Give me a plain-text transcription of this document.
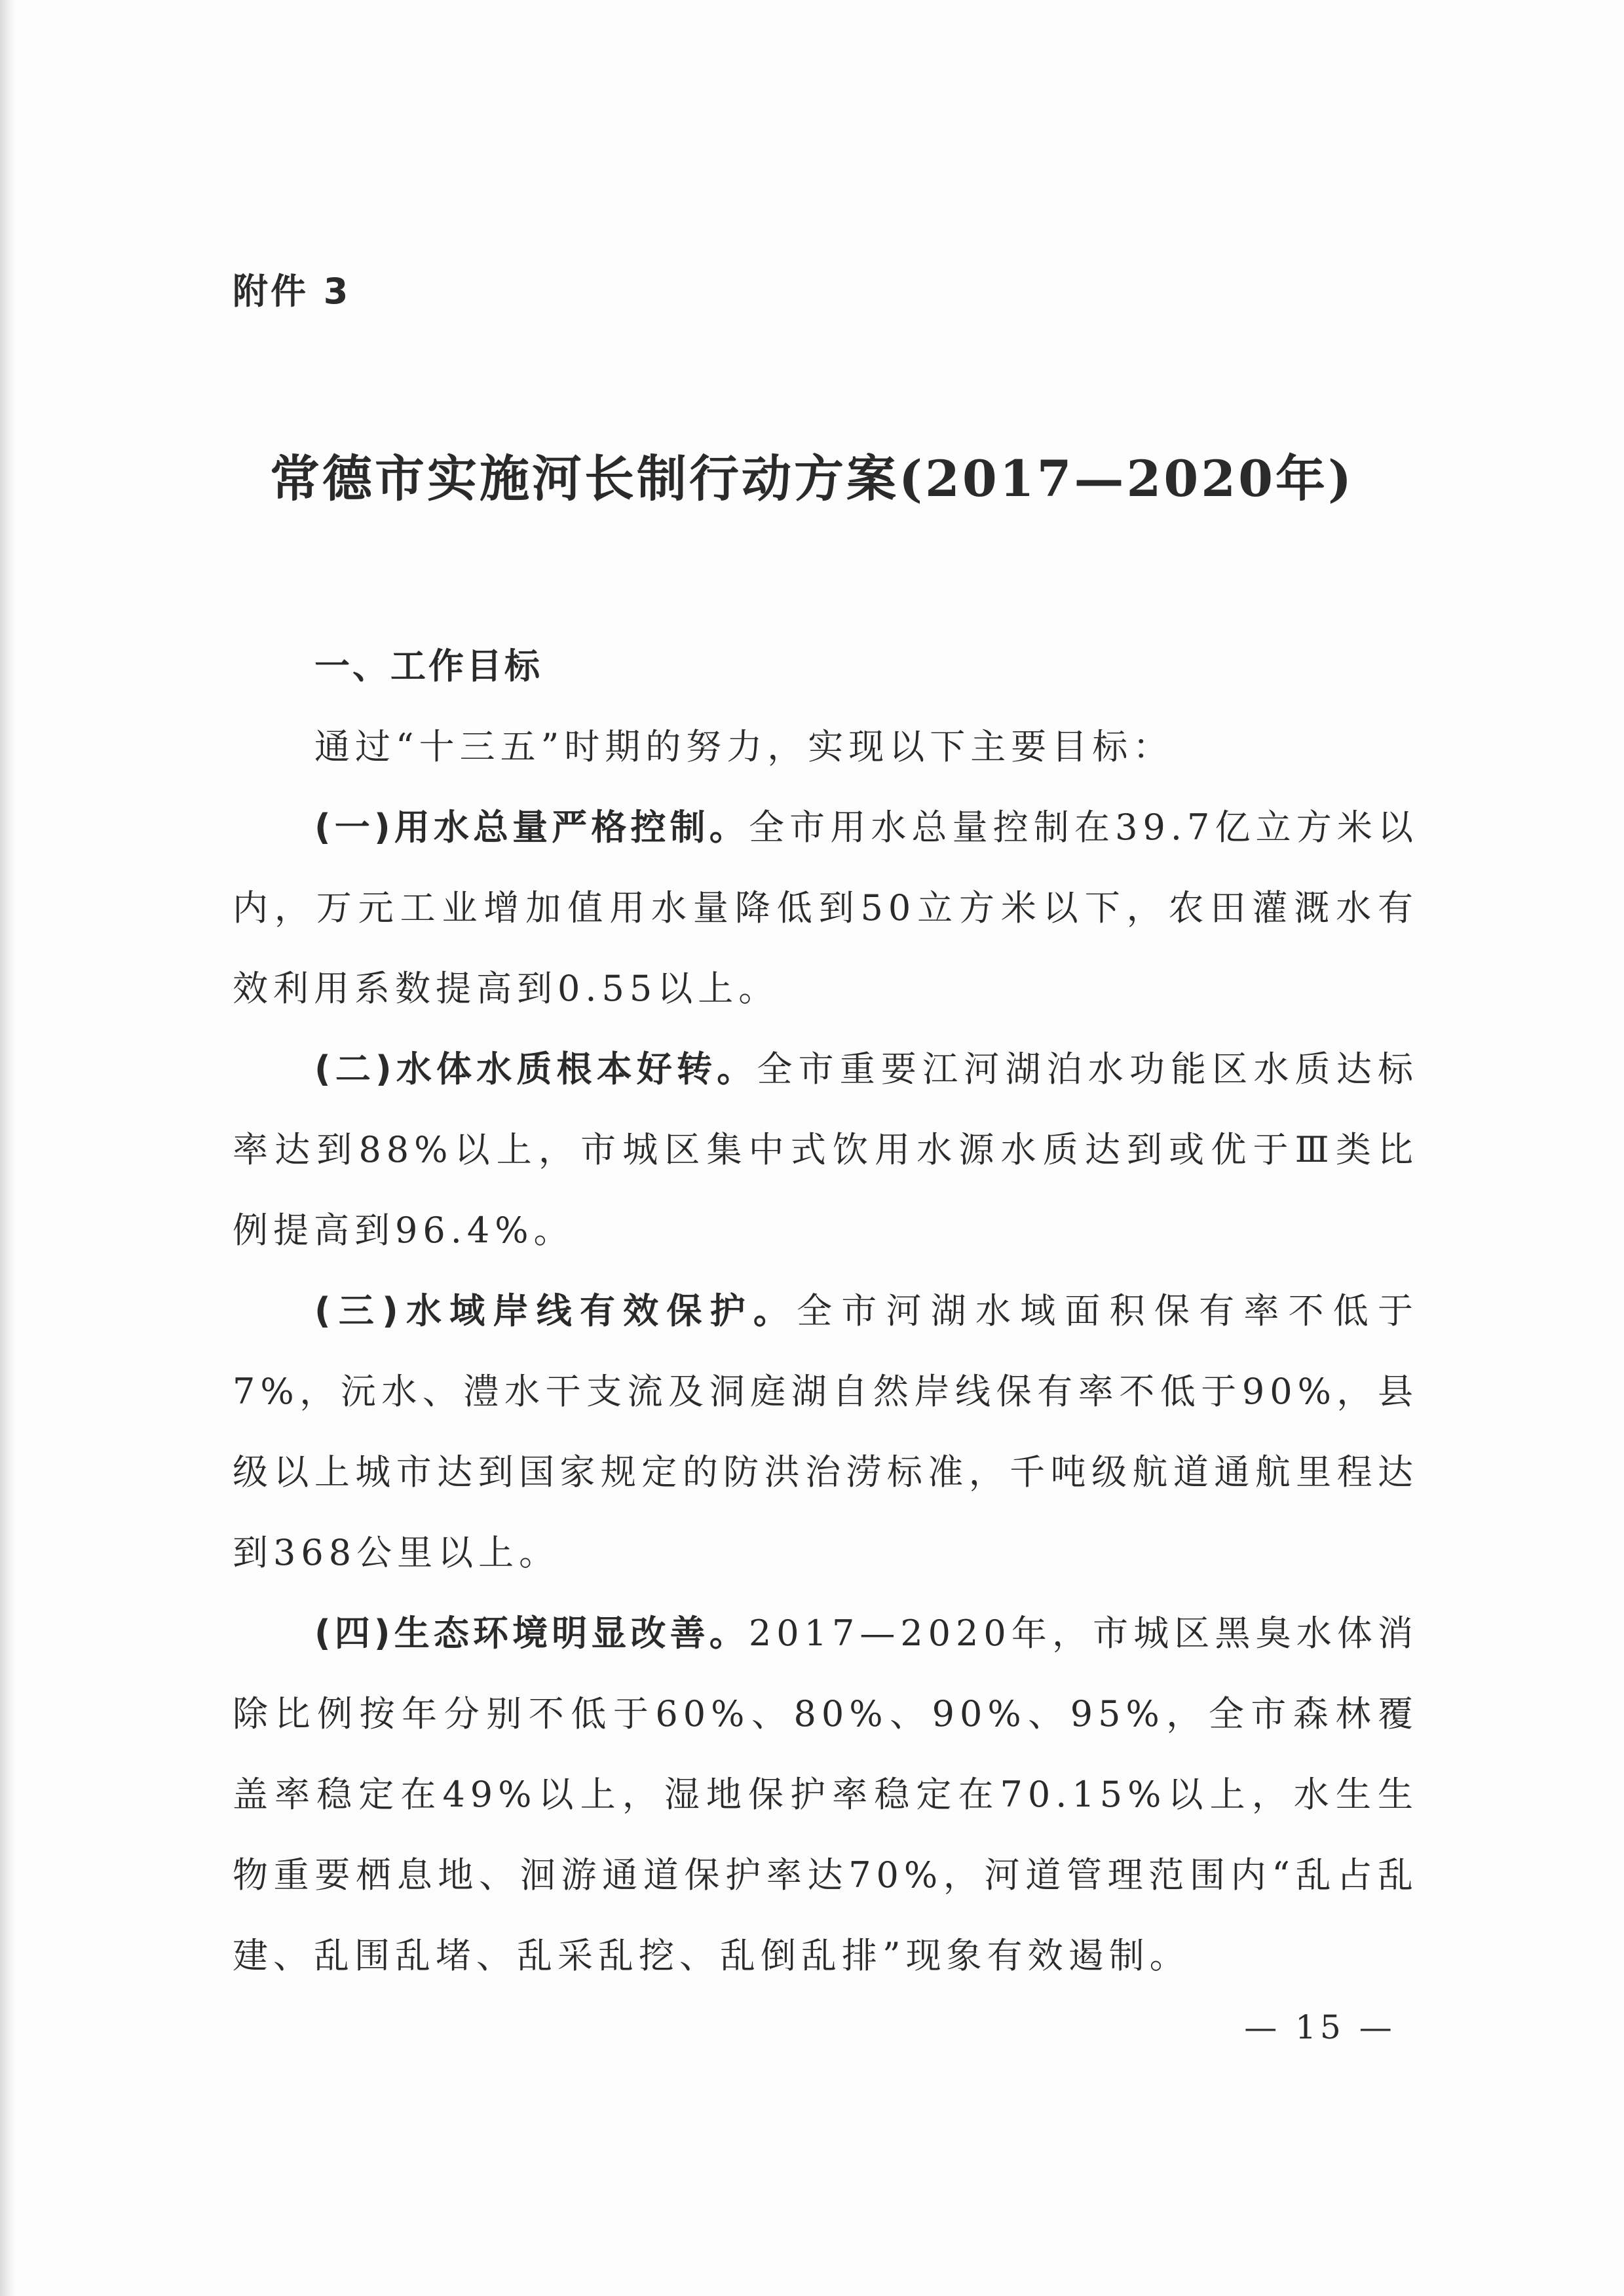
附件 3
常德市实施河长制行动方案(2017—2020年)

一、工作目标

通过“十三五”时期的努力，实现以下主要目标：

(一)用水总量严格控制。全市用水总量控制在39.7亿立方米以内，万元工业增加值用水量降低到50立方米以下，农田灌溉水有效利用系数提高到0.55以上。

(二)水体水质根本好转。全市重要江河湖泊水功能区水质达标率达到88%以上，市城区集中式饮用水源水质达到或优于Ⅲ类比例提高到96.4%。

(三)水域岸线有效保护。全市河湖水域面积保有率不低于7%，沅水、澧水干支流及洞庭湖自然岸线保有率不低于90%，县级以上城市达到国家规定的防洪治涝标准，千吨级航道通航里程达到368公里以上。

(四)生态环境明显改善。2017—2020年，市城区黑臭水体消除比例按年分别不低于60%、80%、90%、95%，全市森林覆盖率稳定在49%以上，湿地保护率稳定在70.15%以上，水生生物重要栖息地、洄游通道保护率达70%，河道管理范围内“乱占乱建、乱围乱堵、乱采乱挖、乱倒乱排”现象有效遏制。

— 15 —
